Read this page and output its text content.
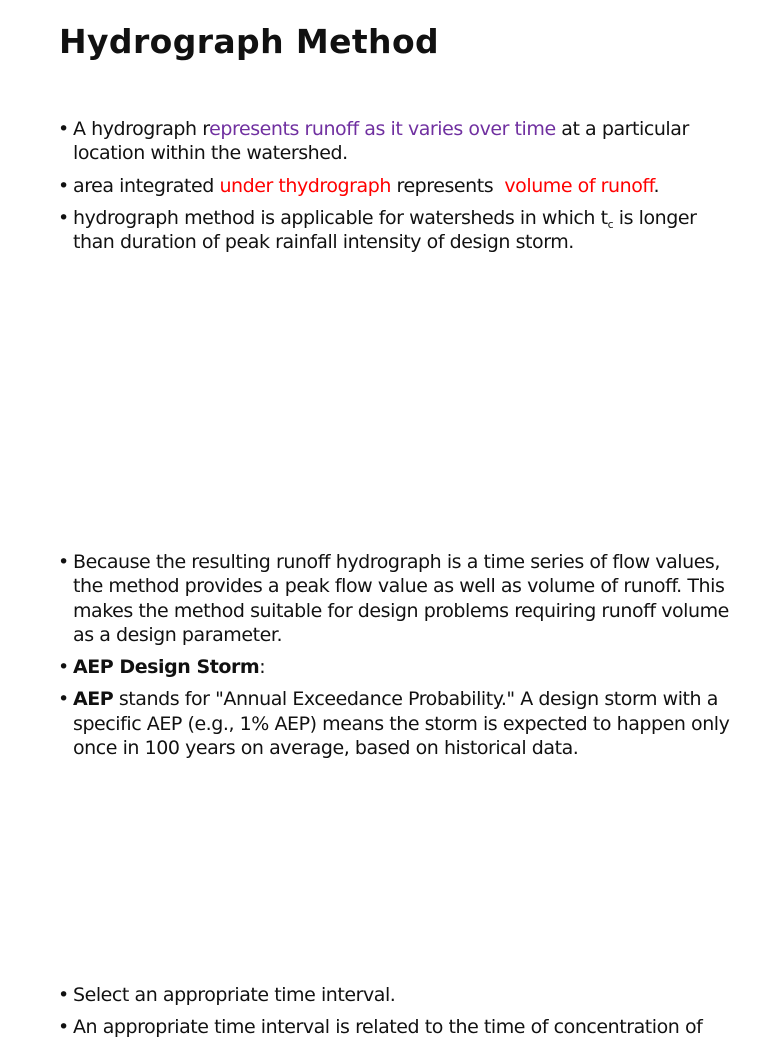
Hydrograph Method
• A hydrograph represents runoff as it varies over time at a particular location within the watershed.
• area integrated under thydrograph represents  volume of runoff.
• hydrograph method is applicable for watersheds in which $t_c$ is longer than duration of peak rainfall intensity of design storm.
• Because the resulting runoff hydrograph is a time series of flow values, the method provides a peak flow value as well as volume of runoff. This makes the method suitable for design problems requiring runoff volume as a design parameter.
• AEP Design Storm:
• AEP stands for "Annual Exceedance Probability." A design storm with a specific AEP (e.g., 1% AEP) means the storm is expected to happen only once in 100 years on average, based on historical data.
• Select an appropriate time interval.
• An appropriate time interval is related to the time of concentration of
